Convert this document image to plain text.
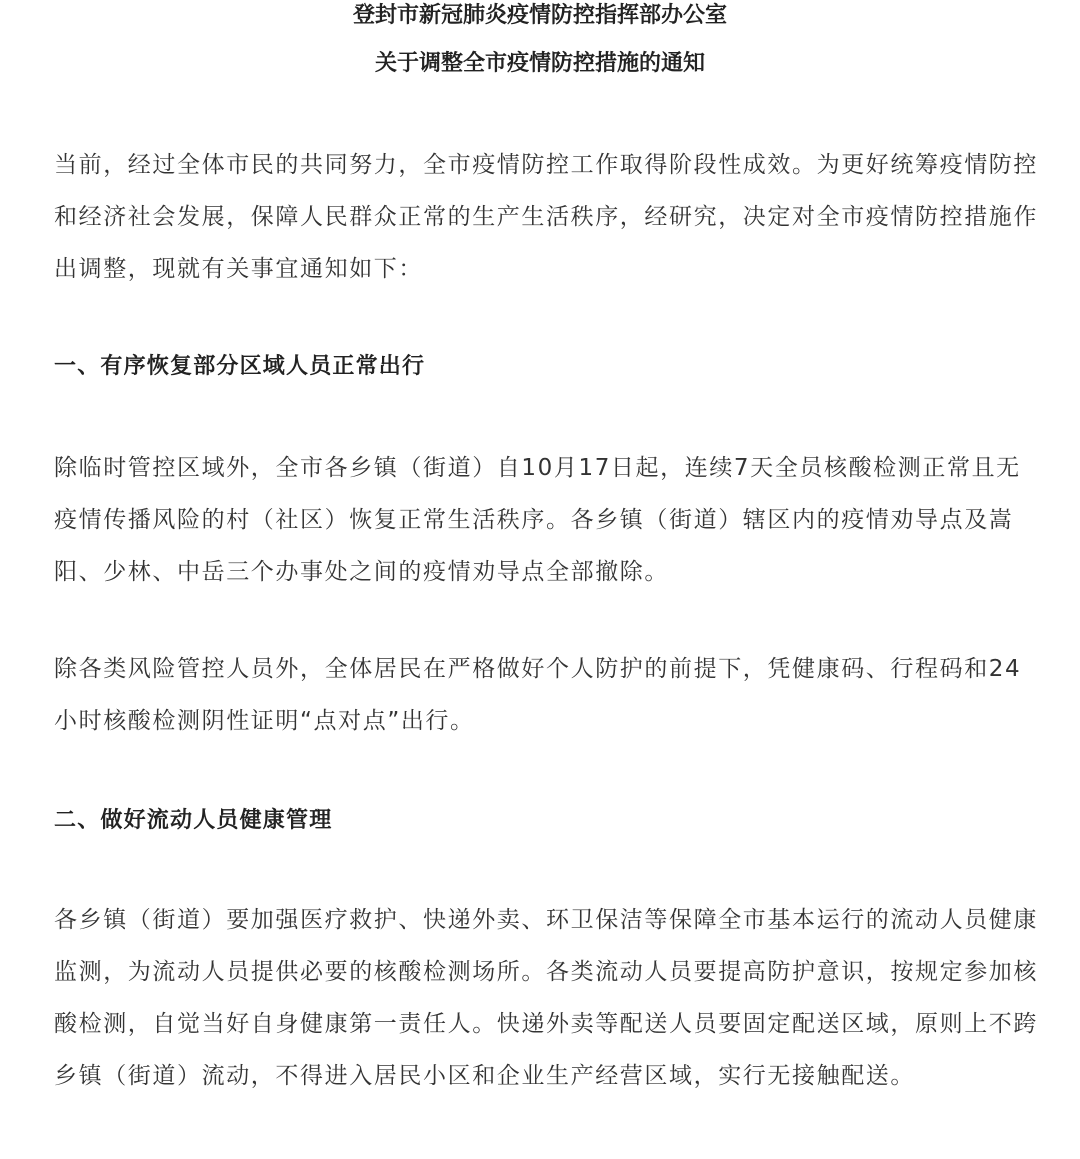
登封市新冠肺炎疫情防控指挥部办公室
关于调整全市疫情防控措施的通知

当前，经过全体市民的共同努力，全市疫情防控工作取得阶段性成效。为更好统筹疫情防控和经济社会发展，保障人民群众正常的生产生活秩序，经研究，决定对全市疫情防控措施作出调整，现就有关事宜通知如下：

一、有序恢复部分区域人员正常出行

除临时管控区域外，全市各乡镇（街道）自10月17日起，连续7天全员核酸检测正常且无疫情传播风险的村（社区）恢复正常生活秩序。各乡镇（街道）辖区内的疫情劝导点及嵩阳、少林、中岳三个办事处之间的疫情劝导点全部撤除。

除各类风险管控人员外，全体居民在严格做好个人防护的前提下，凭健康码、行程码和24小时核酸检测阴性证明“点对点”出行。

二、做好流动人员健康管理

各乡镇（街道）要加强医疗救护、快递外卖、环卫保洁等保障全市基本运行的流动人员健康监测，为流动人员提供必要的核酸检测场所。各类流动人员要提高防护意识，按规定参加核酸检测，自觉当好自身健康第一责任人。快递外卖等配送人员要固定配送区域，原则上不跨乡镇（街道）流动，不得进入居民小区和企业生产经营区域，实行无接触配送。
